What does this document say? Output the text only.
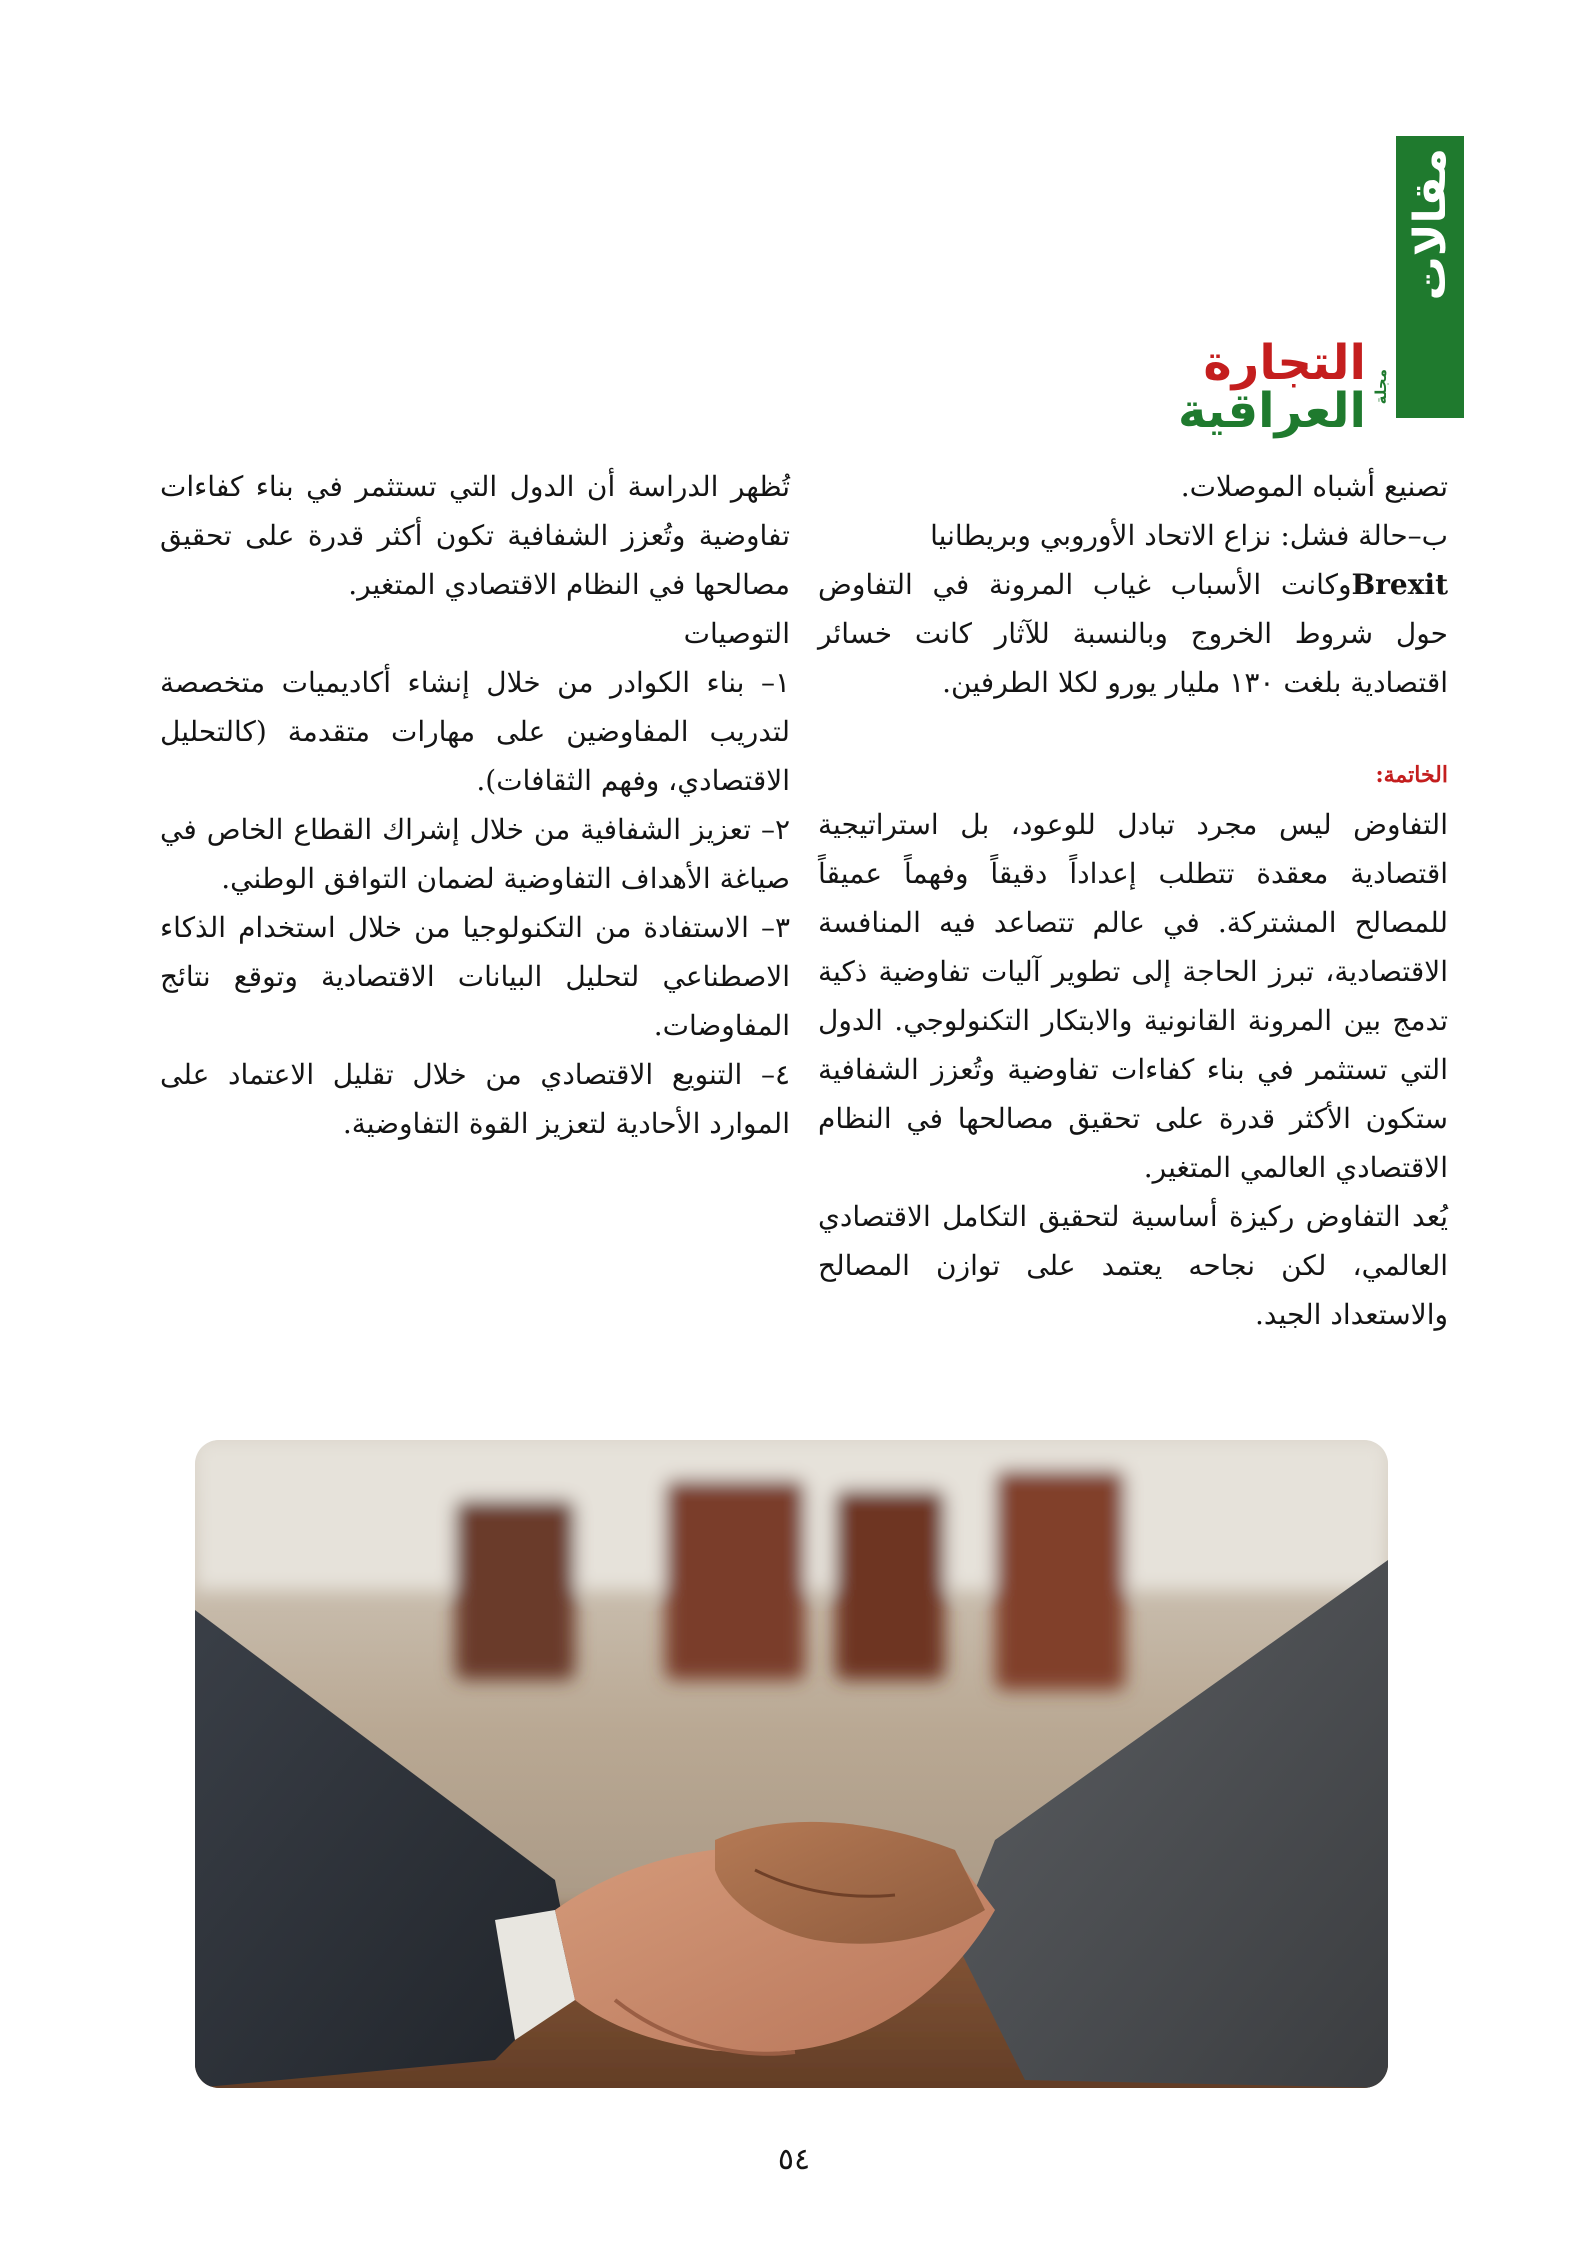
مقالات
التجارة العراقية مجلة

تصنيع أشباه الموصلات.

ب–حالة فشل: نزاع الاتحاد الأوروبي وبريطانيا
Brexitوكانت الأسباب غياب المرونة في التفاوض حول شروط الخروج وبالنسبة للآثار كانت خسائر اقتصادية بلغت ١٣٠ مليار يورو لكلا الطرفين.

الخاتمة:

التفاوض ليس مجرد تبادل للوعود، بل استراتيجية اقتصادية معقدة تتطلب إعداداً دقيقاً وفهماً عميقاً للمصالح المشتركة. في عالم تتصاعد فيه المنافسة الاقتصادية، تبرز الحاجة إلى تطوير آليات تفاوضية ذكية تدمج بين المرونة القانونية والابتكار التكنولوجي. الدول التي تستثمر في بناء كفاءات تفاوضية وتُعزز الشفافية ستكون الأكثر قدرة على تحقيق مصالحها في النظام الاقتصادي العالمي المتغير.

يُعد التفاوض ركيزة أساسية لتحقيق التكامل الاقتصادي العالمي، لكن نجاحه يعتمد على توازن المصالح والاستعداد الجيد.

تُظهر الدراسة أن الدول التي تستثمر في بناء كفاءات تفاوضية وتُعزز الشفافية تكون أكثر قدرة على تحقيق مصالحها في النظام الاقتصادي المتغير.

التوصيات

١– بناء الكوادر من خلال إنشاء أكاديميات متخصصة لتدريب المفاوضين على مهارات متقدمة (كالتحليل الاقتصادي، وفهم الثقافات).

٢– تعزيز الشفافية من خلال إشراك القطاع الخاص في صياغة الأهداف التفاوضية لضمان التوافق الوطني.

٣– الاستفادة من التكنولوجيا من خلال استخدام الذكاء الاصطناعي لتحليل البيانات الاقتصادية وتوقع نتائج المفاوضات.

٤– التنويع الاقتصادي من خلال تقليل الاعتماد على الموارد الأحادية لتعزيز القوة التفاوضية.

٥٤
